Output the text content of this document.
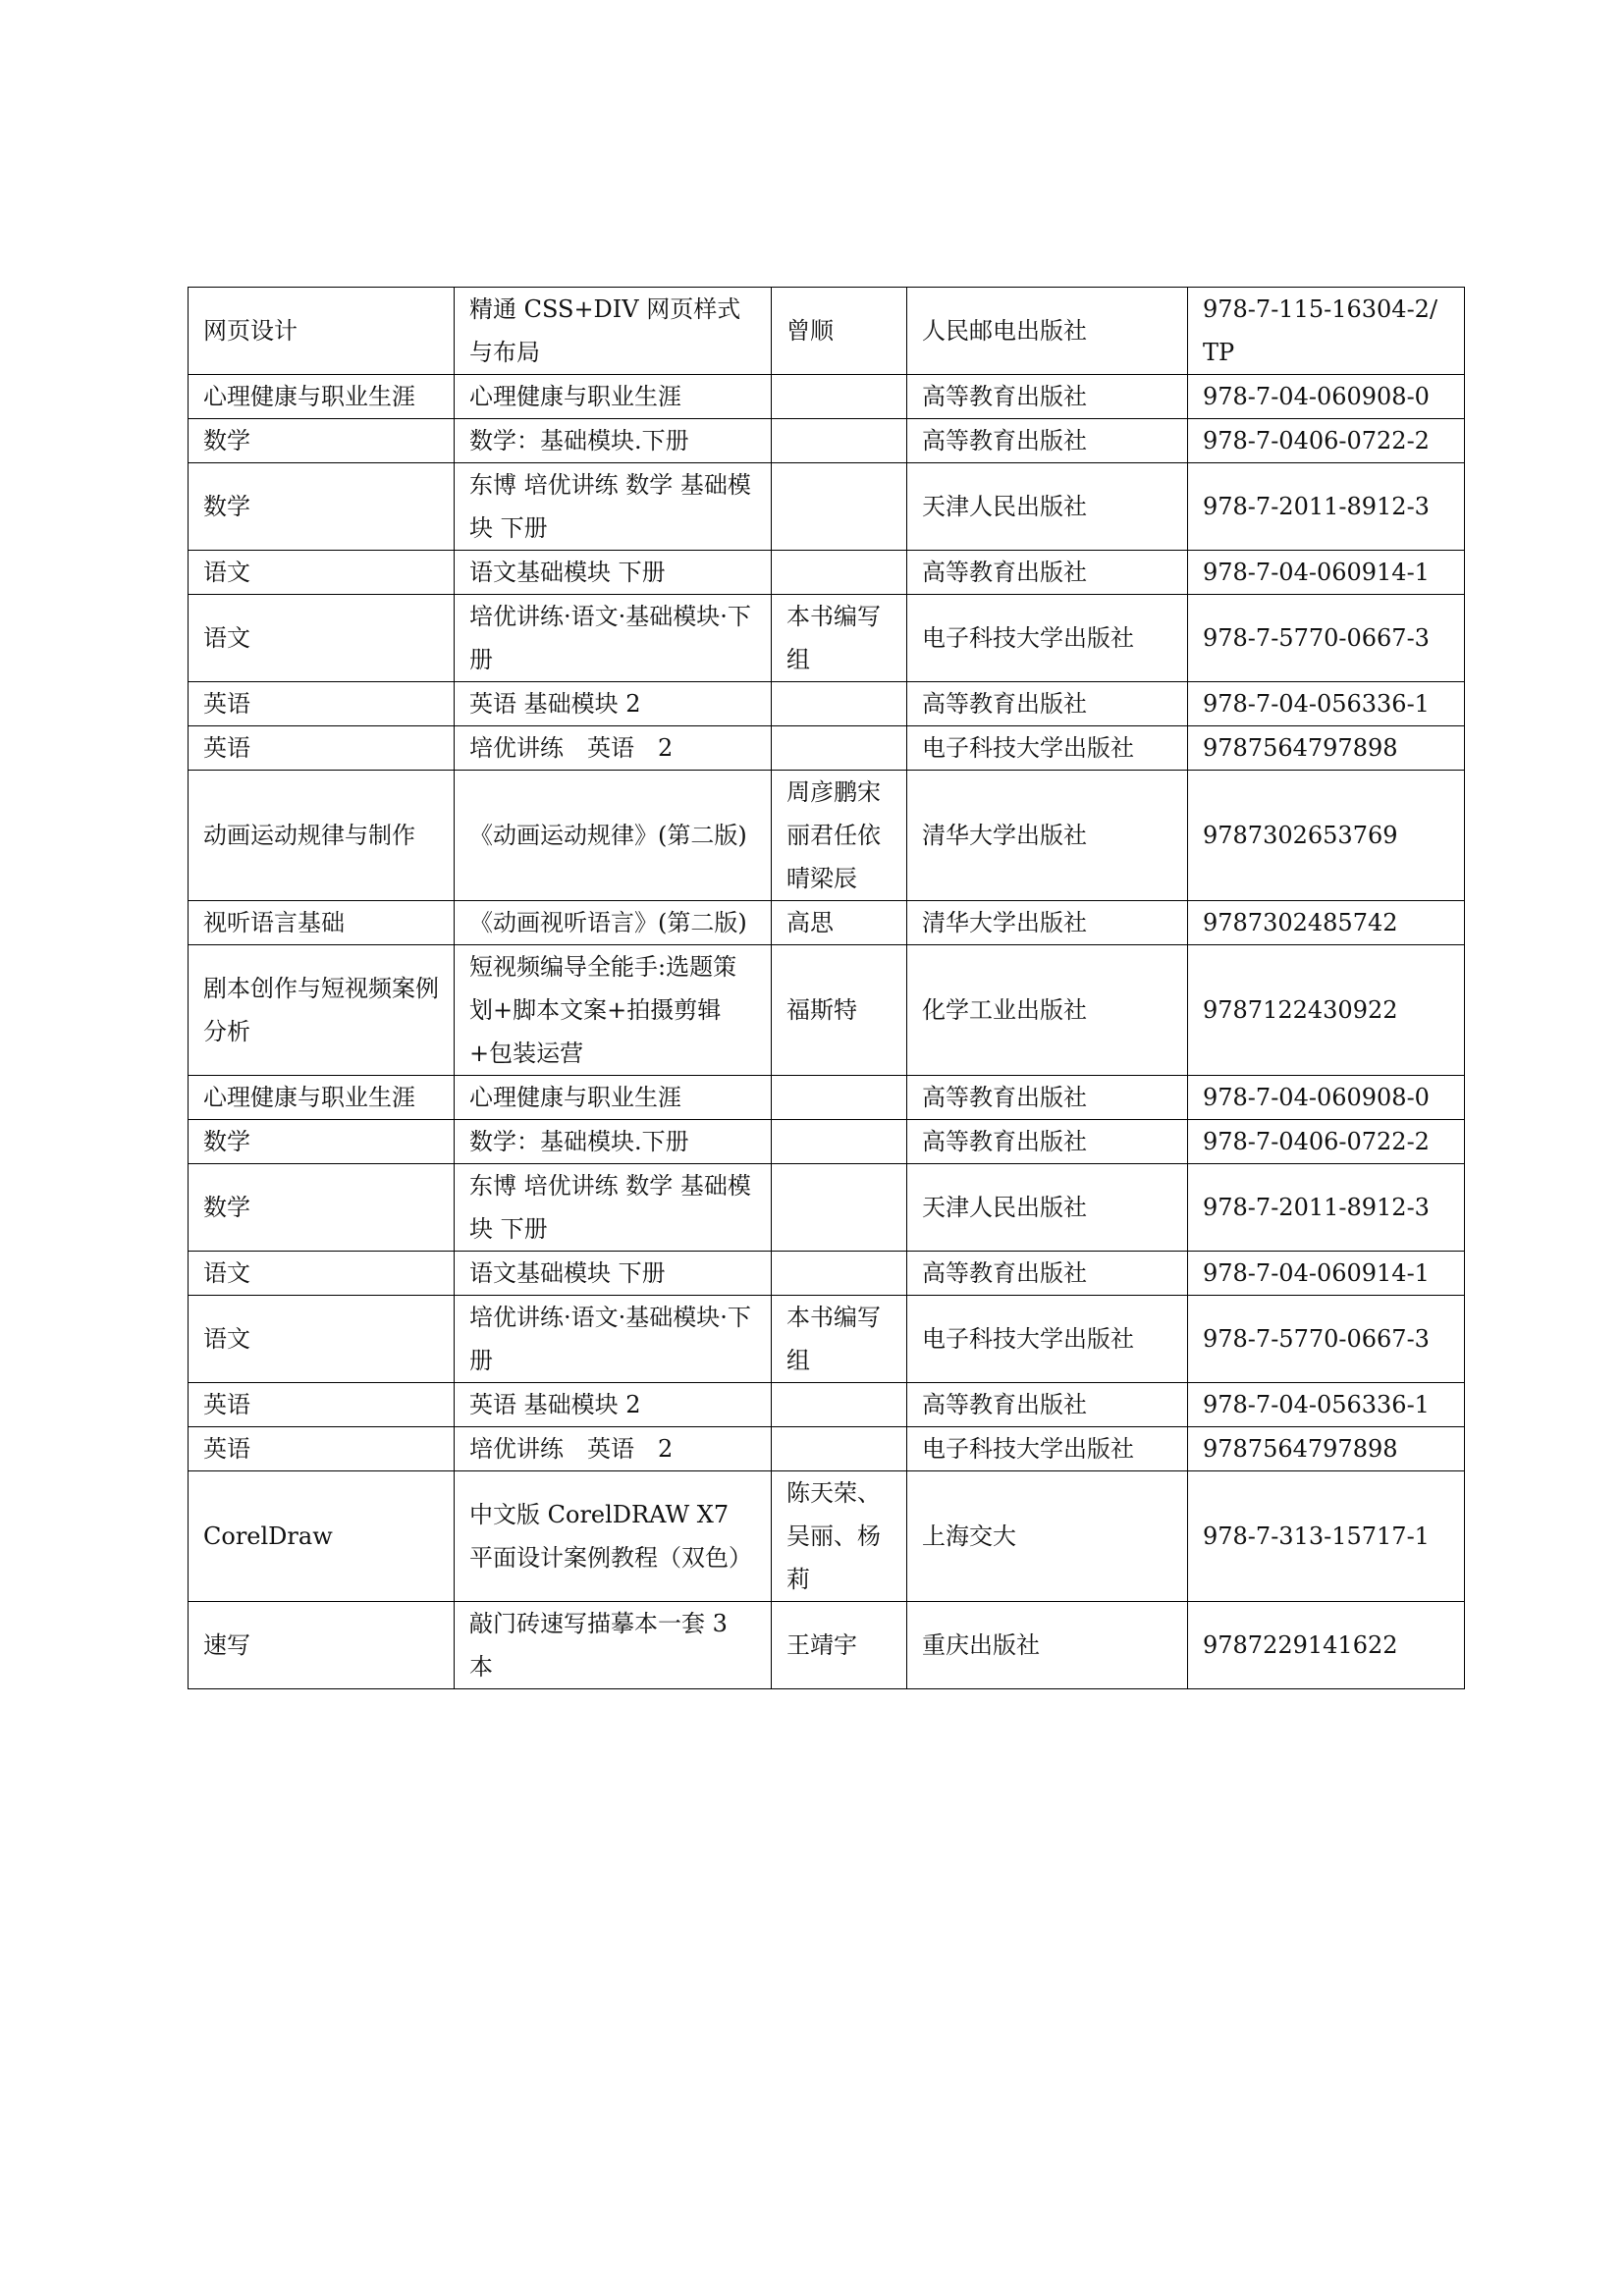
网页设计	精通 CSS+DIV 网页样式与布局	曾顺	人民邮电出版社	978-7-115-16304-2/TP
心理健康与职业生涯	心理健康与职业生涯		高等教育出版社	978-7-04-060908-0
数学	数学：基础模块.下册		高等教育出版社	978-7-0406-0722-2
数学	东博 培优讲练 数学 基础模块 下册		天津人民出版社	978-7-2011-8912-3
语文	语文基础模块 下册		高等教育出版社	978-7-04-060914-1
语文	培优讲练·语文·基础模块·下册	本书编写组	电子科技大学出版社	978-7-5770-0667-3
英语	英语 基础模块 2		高等教育出版社	978-7-04-056336-1
英语	培优讲练　英语　2		电子科技大学出版社	9787564797898
动画运动规律与制作	《动画运动规律》(第二版)	周彦鹏宋丽君任依晴梁辰	清华大学出版社	9787302653769
视听语言基础	《动画视听语言》(第二版)	高思	清华大学出版社	9787302485742
剧本创作与短视频案例分析	短视频编导全能手:选题策划+脚本文案+拍摄剪辑+包装运营	福斯特	化学工业出版社	9787122430922
心理健康与职业生涯	心理健康与职业生涯		高等教育出版社	978-7-04-060908-0
数学	数学：基础模块.下册		高等教育出版社	978-7-0406-0722-2
数学	东博 培优讲练 数学 基础模块 下册		天津人民出版社	978-7-2011-8912-3
语文	语文基础模块 下册		高等教育出版社	978-7-04-060914-1
语文	培优讲练·语文·基础模块·下册	本书编写组	电子科技大学出版社	978-7-5770-0667-3
英语	英语 基础模块 2		高等教育出版社	978-7-04-056336-1
英语	培优讲练　英语　2		电子科技大学出版社	9787564797898
CorelDraw	中文版 CorelDRAW X7 平面设计案例教程（双色）	陈天荣、吴丽、杨莉	上海交大	978-7-313-15717-1
速写	敲门砖速写描摹本一套 3 本	王靖宇	重庆出版社	9787229141622
